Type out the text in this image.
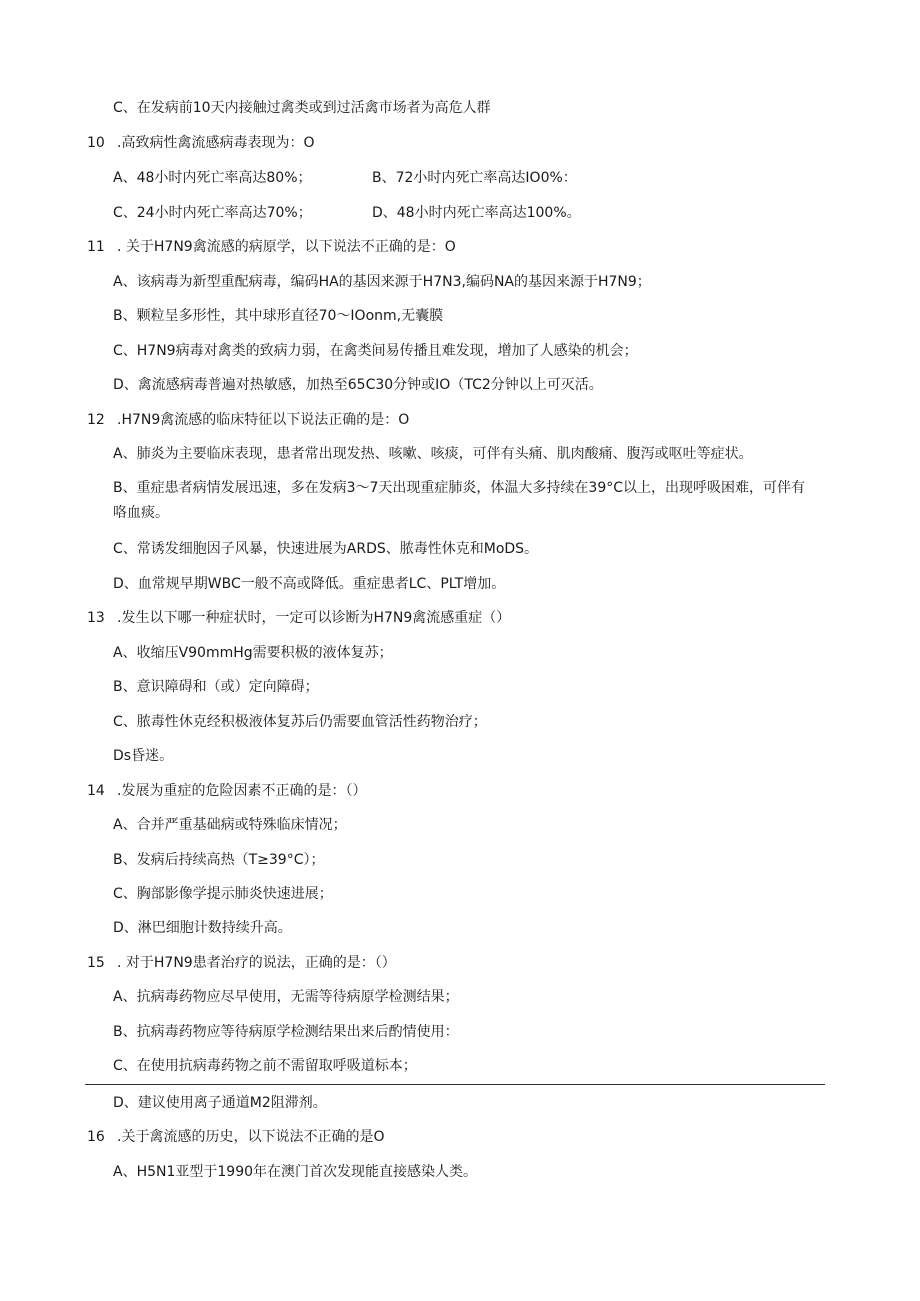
C、在发病前10天内接触过禽类或到过活禽市场者为高危人群
10 .高致病性禽流感病毒表现为：O
A、48小时内死亡率高达80%；	B、72小时内死亡率高达IO0%：
C、24小时内死亡率高达70%；	D、48小时内死亡率高达100%。
11 . 关于H7N9禽流感的病原学，以下说法不正确的是：O
A、该病毒为新型重配病毒，编码HA的基因来源于H7N3,编码NA的基因来源于H7N9；
B、颗粒呈多形性，其中球形直径70～IOonm,无囊膜
C、H7N9病毒对禽类的致病力弱，在禽类间易传播且难发现，增加了人感染的机会；
D、禽流感病毒普遍对热敏感，加热至65C30分钟或IO（TC2分钟以上可灭活。
12 .H7N9禽流感的临床特征以下说法正确的是：O
A、肺炎为主要临床表现，患者常出现发热、咳嗽、咳痰，可伴有头痛、肌肉酸痛、腹泻或呕吐等症状。
B、重症患者病情发展迅速，多在发病3～7天出现重症肺炎，体温大多持续在39°C以上，出现呼吸困难，可伴有咯血痰。
C、常诱发细胞因子风暴，快速进展为ARDS、脓毒性休克和MoDS。
D、血常规早期WBC一般不高或降低。重症患者LC、PLT增加。
13 .发生以下哪一种症状时，一定可以诊断为H7N9禽流感重症（）
A、收缩压V90mmHg需要积极的液体复苏；
B、意识障碍和（或）定向障碍；
C、脓毒性休克经积极液体复苏后仍需要血管活性药物治疗；
Ds昏迷。
14 .发展为重症的危险因素不正确的是：（）
A、合并严重基础病或特殊临床情况；
B、发病后持续高热（T≥39°C）；
C、胸部影像学提示肺炎快速进展；
D、淋巴细胞计数持续升高。
15 . 对于H7N9患者治疗的说法，正确的是：（）
A、抗病毒药物应尽早使用，无需等待病原学检测结果；
B、抗病毒药物应等待病原学检测结果出来后酌情使用：
C、在使用抗病毒药物之前不需留取呼吸道标本；
D、建议使用离子通道M2阻滞剂。
16 .关于禽流感的历史，以下说法不正确的是O
A、H5N1亚型于1990年在澳门首次发现能直接感染人类。
